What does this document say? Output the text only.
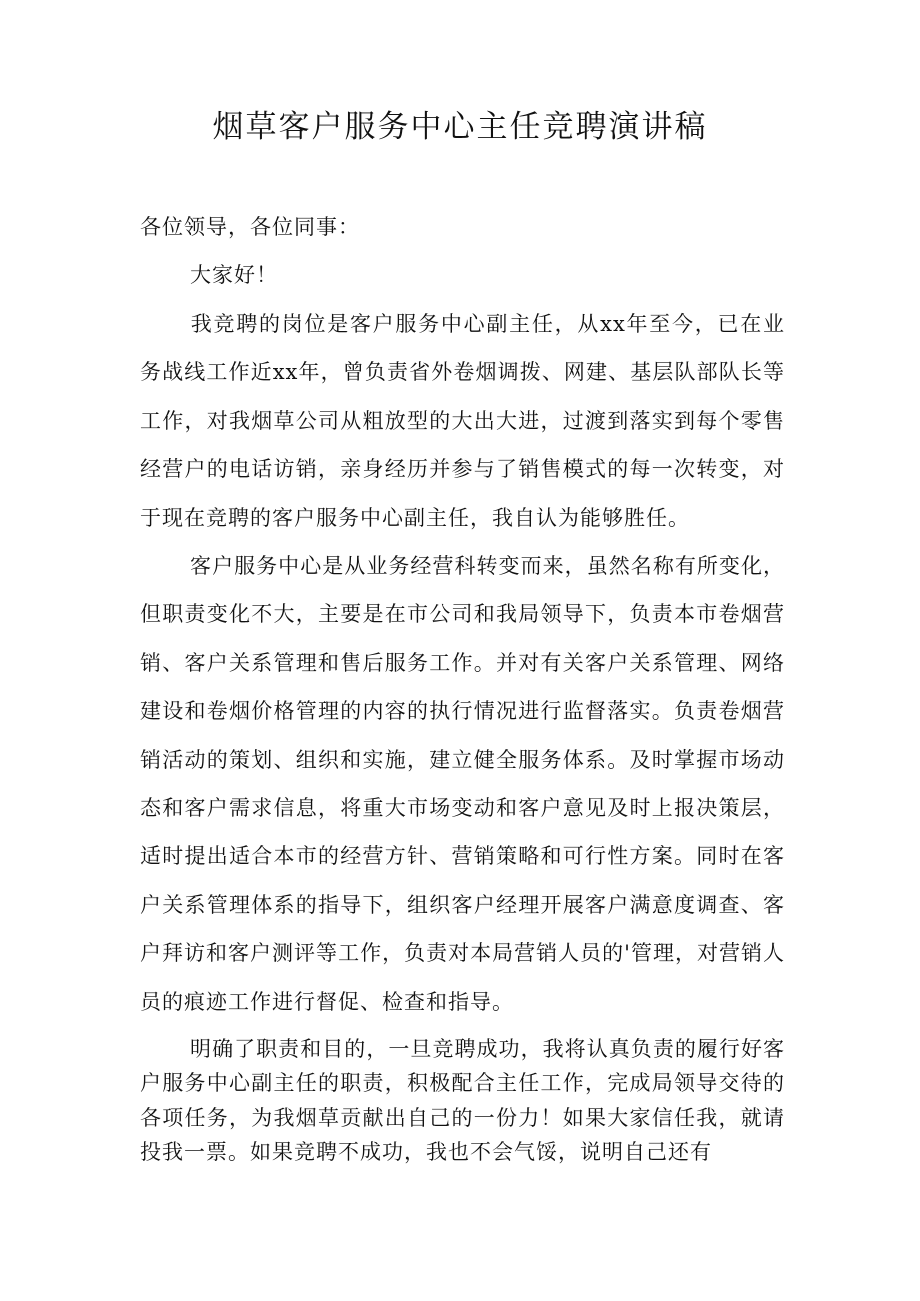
烟草客户服务中心主任竞聘演讲稿
各位领导，各位同事：
大家好！

我竞聘的岗位是客户服务中心副主任，从xx年至今，已在业务战线工作近xx年，曾负责省外卷烟调拨、网建、基层队部队长等工作，对我烟草公司从粗放型的大出大进，过渡到落实到每个零售经营户的电话访销，亲身经历并参与了销售模式的每一次转变，对于现在竞聘的客户服务中心副主任，我自认为能够胜任。

客户服务中心是从业务经营科转变而来，虽然名称有所变化，但职责变化不大，主要是在市公司和我局领导下，负责本市卷烟营销、客户关系管理和售后服务工作。并对有关客户关系管理、网络建设和卷烟价格管理的内容的执行情况进行监督落实。负责卷烟营销活动的策划、组织和实施，建立健全服务体系。及时掌握市场动态和客户需求信息，将重大市场变动和客户意见及时上报决策层，适时提出适合本市的经营方针、营销策略和可行性方案。同时在客户关系管理体系的指导下，组织客户经理开展客户满意度调查、客户拜访和客户测评等工作，负责对本局营销人员的'管理，对营销人员的痕迹工作进行督促、检查和指导。

明确了职责和目的，一旦竞聘成功，我将认真负责的履行好客户服务中心副主任的职责，积极配合主任工作，完成局领导交待的各项任务，为我烟草贡献出自己的一份力！如果大家信任我，就请投我一票。如果竞聘不成功，我也不会气馁，说明自己还有
